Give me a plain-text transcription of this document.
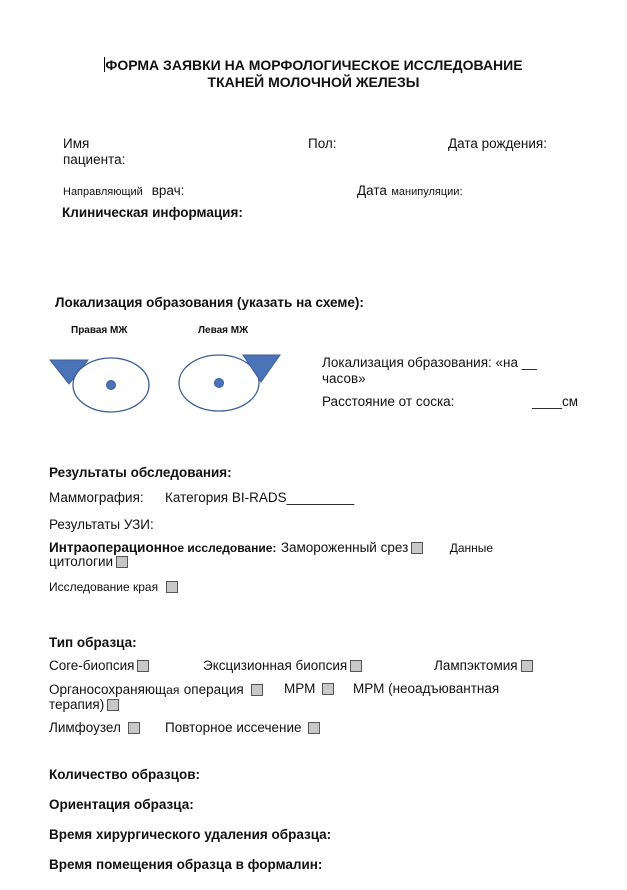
ФОРМА ЗАЯВКИ НА МОРФОЛОГИЧЕСКОЕ ИССЛЕДОВАНИЕ
ТКАНЕЙ МОЛОЧНОЙ ЖЕЛЕЗЫ
Имя
пациента:
Пол:	Дата рождения:
Направляющий врач:	Дата манипуляции:
Клиническая информация:
Локализация образования (указать на схеме):
Правая МЖ	Левая МЖ
Локализация образования: «на __
часов»
Расстояние от соска:	____см
Результаты обследования:
Маммография: Категория BI-RADS_________
Результаты УЗИ:
Интраоперационное исследование: Замороженный срез	Данные
цитологии
Исследование края
Тип образца:
Core-биопсия	Эксцизионная биопсия	Лампэктомия
Органосохраняющая операция	МРМ	МРМ (неоадъювантная
терапия)
Лимфоузел	Повторное иссечение
Количество образцов:
Ориентация образца:
Время хирургического удаления образца:
Время помещения образца в формалин:
